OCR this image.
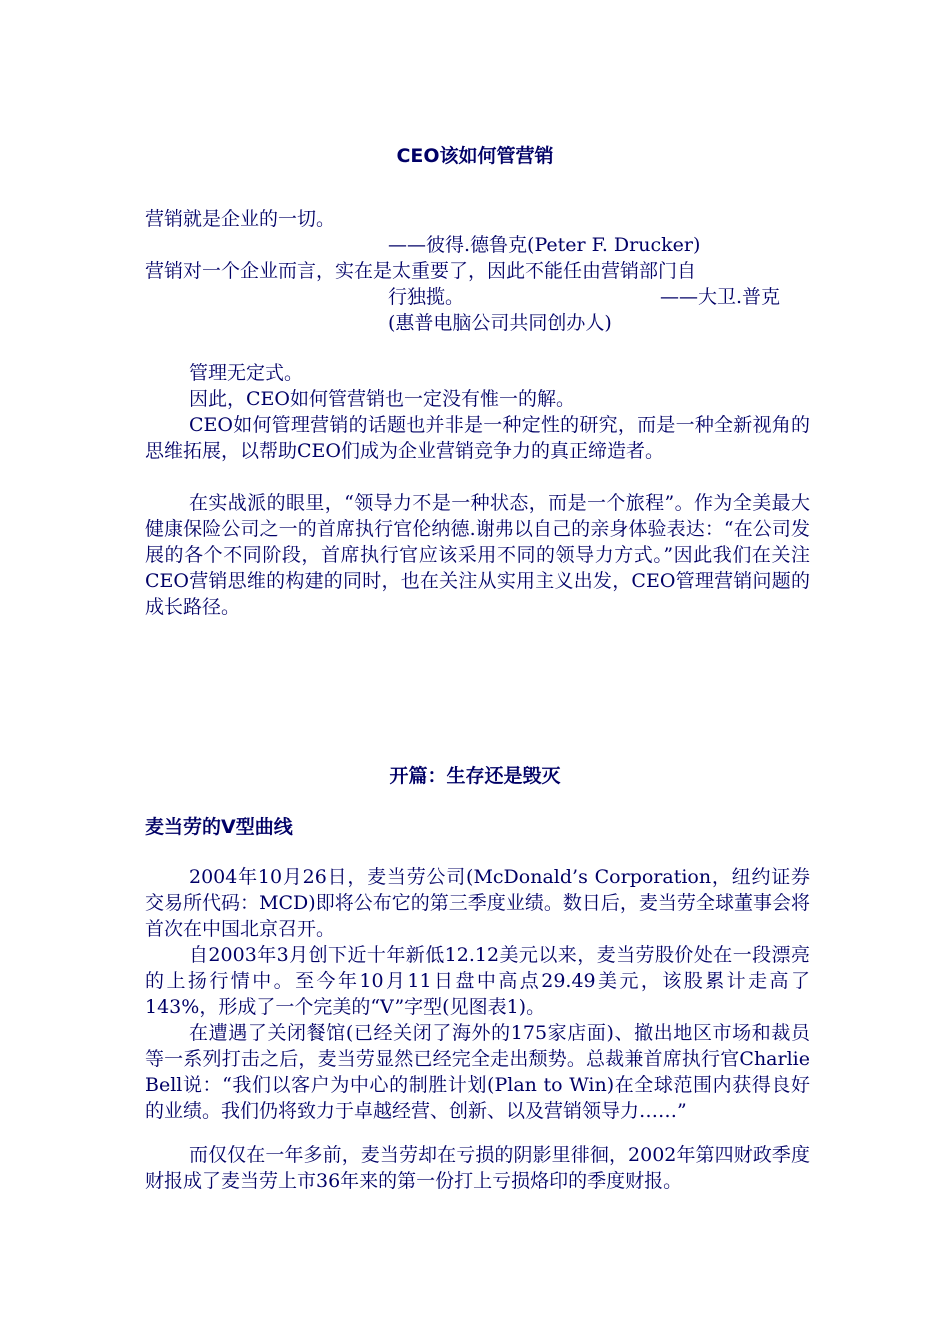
CEO该如何管营销
营销就是企业的一切。
——彼得.德鲁克(Peter F. Drucker)
营销对一个企业而言，实在是太重要了，因此不能任由营销部门自
行独揽。	——大卫.普克
(惠普电脑公司共同创办人)
管理无定式。
因此，CEO如何管营销也一定没有惟一的解。
CEO如何管理营销的话题也并非是一种定性的研究，而是一种全新视角的思维拓展，以帮助CEO们成为企业营销竞争力的真正缔造者。
在实战派的眼里，“领导力不是一种状态，而是一个旅程”。作为全美最大健康保险公司之一的首席执行官伦纳德.谢弗以自己的亲身体验表达：“在公司发展的各个不同阶段，首席执行官应该采用不同的领导力方式。”因此我们在关注CEO营销思维的构建的同时，也在关注从实用主义出发，CEO管理营销问题的成长路径。
开篇：生存还是毁灭
麦当劳的V型曲线
2004年10月26日，麦当劳公司(McDonald’s Corporation，纽约证券交易所代码：MCD)即将公布它的第三季度业绩。数日后，麦当劳全球董事会将首次在中国北京召开。
自2003年3月创下近十年新低12.12美元以来，麦当劳股价处在一段漂亮的上扬行情中。至今年10月11日盘中高点29.49美元，该股累计走高了143%，形成了一个完美的“V”字型(见图表1)。
在遭遇了关闭餐馆(已经关闭了海外的175家店面)、撤出地区市场和裁员等一系列打击之后，麦当劳显然已经完全走出颓势。总裁兼首席执行官Charlie Bell说：“我们以客户为中心的制胜计划(Plan to Win)在全球范围内获得良好的业绩。我们仍将致力于卓越经营、创新、以及营销领导力……”
而仅仅在一年多前，麦当劳却在亏损的阴影里徘徊，2002年第四财政季度财报成了麦当劳上市36年来的第一份打上亏损烙印的季度财报。
